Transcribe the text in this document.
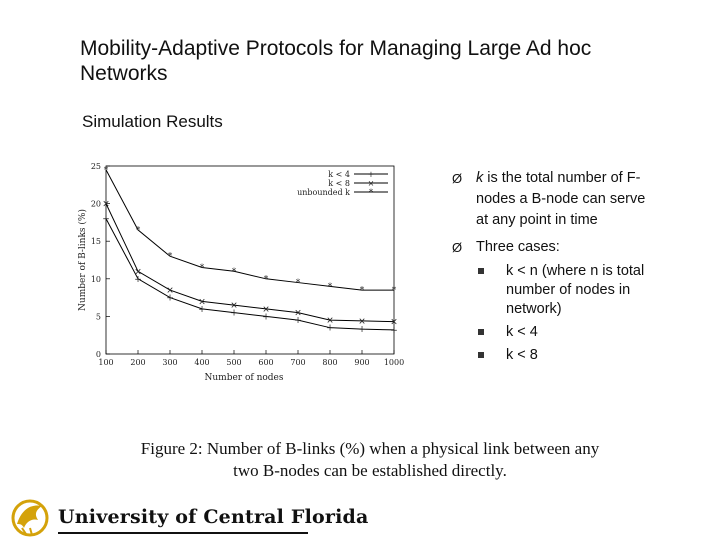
Mobility-Adaptive Protocols for Managing Large Ad hoc
Networks
Simulation Results
100 200 300 400 500 600 700 800 900 1000
0
5
10
15
20
25
Number of nodes
Number of B-links (%) +
+
+
+	+	+	+
+	+	+
×
×
×
×	×	×	×
×	×	×
*
*
*
*	*
*	*	*	*	*
k < 4 +
k < 8 ×
unbounded k *
Ø k is the total number of F-
nodes a B-node can serve
at any point in time
Ø Three cases:
k < n (where n is total
number of nodes in
network)
k < 4
k < 8
Figure 2: Number of B-links (%) when a physical link between any
two B-nodes can be established directly.
University of Central Florida
